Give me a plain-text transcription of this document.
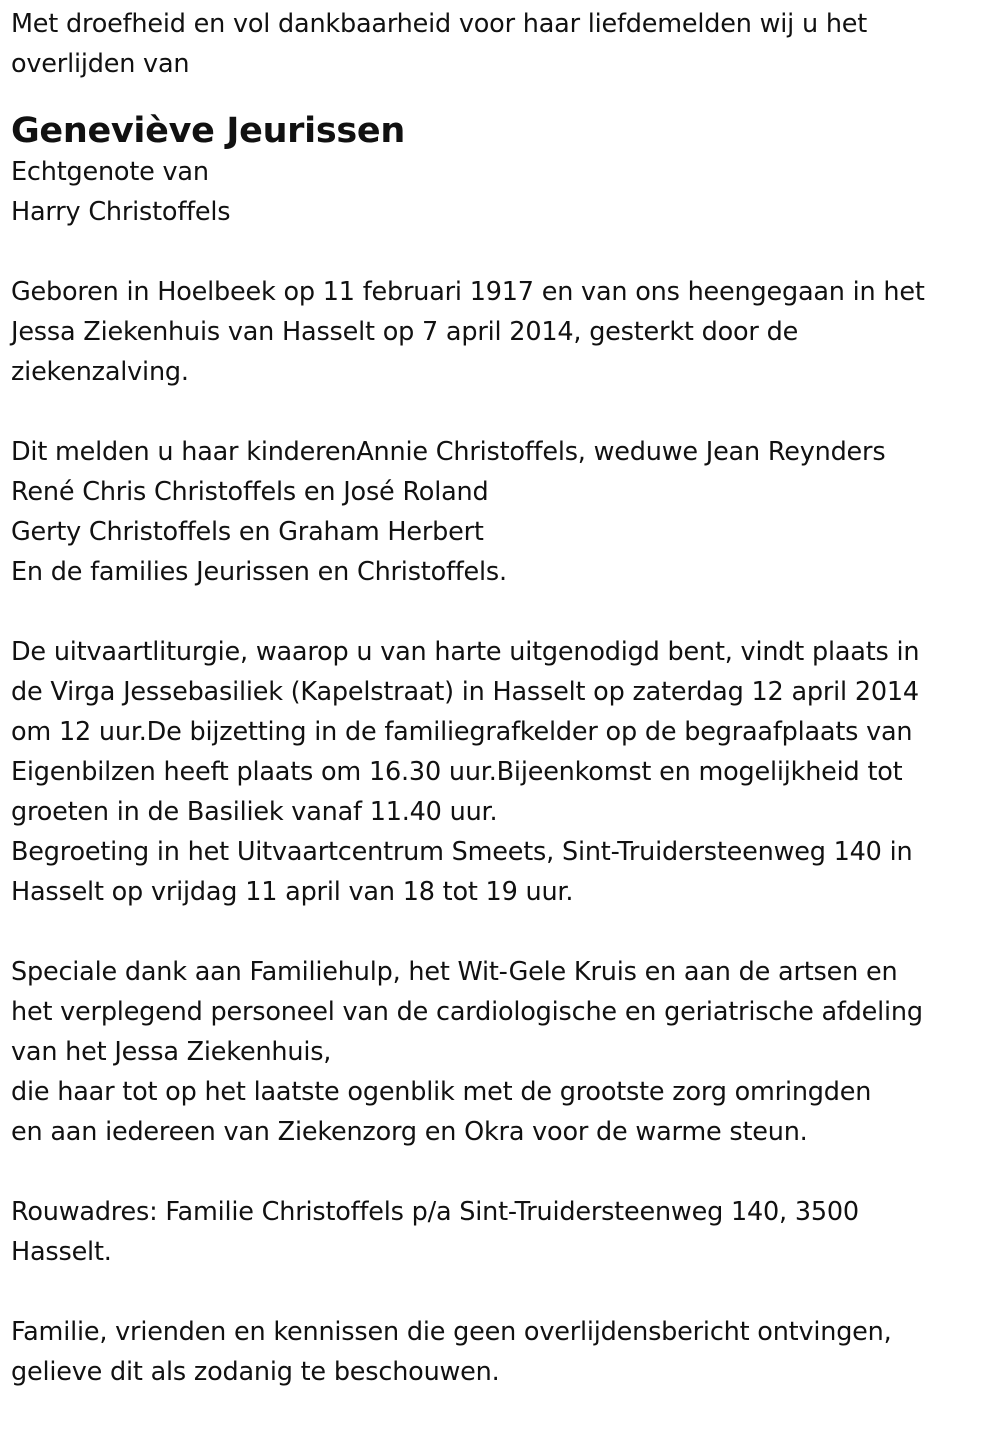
Met droefheid en vol dankbaarheid voor haar liefdemelden wij u het
overlijden van
Geneviève Jeurissen
Echtgenote van
Harry Christoffels
Geboren in Hoelbeek op 11 februari 1917 en van ons heengegaan in het
Jessa Ziekenhuis van Hasselt op 7 april 2014, gesterkt door de
ziekenzalving.
Dit melden u haar kinderenAnnie Christoffels, weduwe Jean Reynders
René Chris Christoffels en José Roland
Gerty Christoffels en Graham Herbert
En de families Jeurissen en Christoffels.
De uitvaartliturgie, waarop u van harte uitgenodigd bent, vindt plaats in
de Virga Jessebasiliek (Kapelstraat) in Hasselt op zaterdag 12 april 2014
om 12 uur.De bijzetting in de familiegrafkelder op de begraafplaats van
Eigenbilzen heeft plaats om 16.30 uur.Bijeenkomst en mogelijkheid tot
groeten in de Basiliek vanaf 11.40 uur.
Begroeting in het Uitvaartcentrum Smeets, Sint-Truidersteenweg 140 in
Hasselt op vrijdag 11 april van 18 tot 19 uur.
Speciale dank aan Familiehulp, het Wit-Gele Kruis en aan de artsen en
het verplegend personeel van de cardiologische en geriatrische afdeling
van het Jessa Ziekenhuis,
die haar tot op het laatste ogenblik met de grootste zorg omringden
en aan iedereen van Ziekenzorg en Okra voor de warme steun.
Rouwadres: Familie Christoffels p/a Sint-Truidersteenweg 140, 3500
Hasselt.
Familie, vrienden en kennissen die geen overlijdensbericht ontvingen,
gelieve dit als zodanig te beschouwen.
